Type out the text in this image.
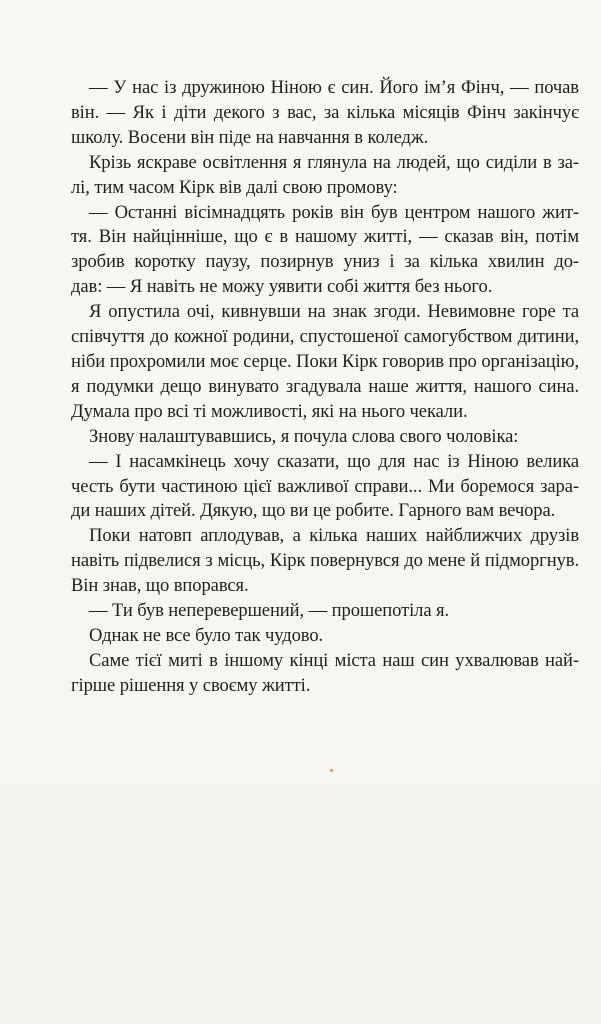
— У нас із дружиною Ніною є син. Його ім’я Фінч, — почав
він. — Як і діти декого з вас, за кілька місяців Фінч закінчує
школу. Восени він піде на навчання в коледж.
Крізь яскраве освітлення я глянула на людей, що сиділи в за-
лі, тим часом Кірк вів далі свою промову:
— Останні вісімнадцять років він був центром нашого жит-
тя. Він найцінніше, що є в нашому житті, — сказав він, потім
зробив коротку паузу, позирнув униз і за кілька хвилин до-
дав: — Я навіть не можу уявити собі життя без нього.
Я опустила очі, кивнувши на знак згоди. Невимовне горе та
співчуття до кожної родини, спустошеної самогубством дитини,
ніби прохромили моє серце. Поки Кірк говорив про організацію,
я подумки дещо винувато згадувала наше життя, нашого сина.
Думала про всі ті можливості, які на нього чекали.
Знову налаштувавшись, я почула слова свого чоловіка:
— І насамкінець хочу сказати, що для нас із Ніною велика
честь бути частиною цієї важливої справи... Ми боремося зара-
ди наших дітей. Дякую, що ви це робите. Гарного вам вечора.
Поки натовп аплодував, а кілька наших найближчих друзів
навіть підвелися з місць, Кірк повернувся до мене й підморгнув.
Він знав, що впорався.
— Ти був неперевершений, — прошепотіла я.
Однак не все було так чудово.
Саме тієї миті в іншому кінці міста наш син ухвалював най-
гірше рішення у своєму житті.
